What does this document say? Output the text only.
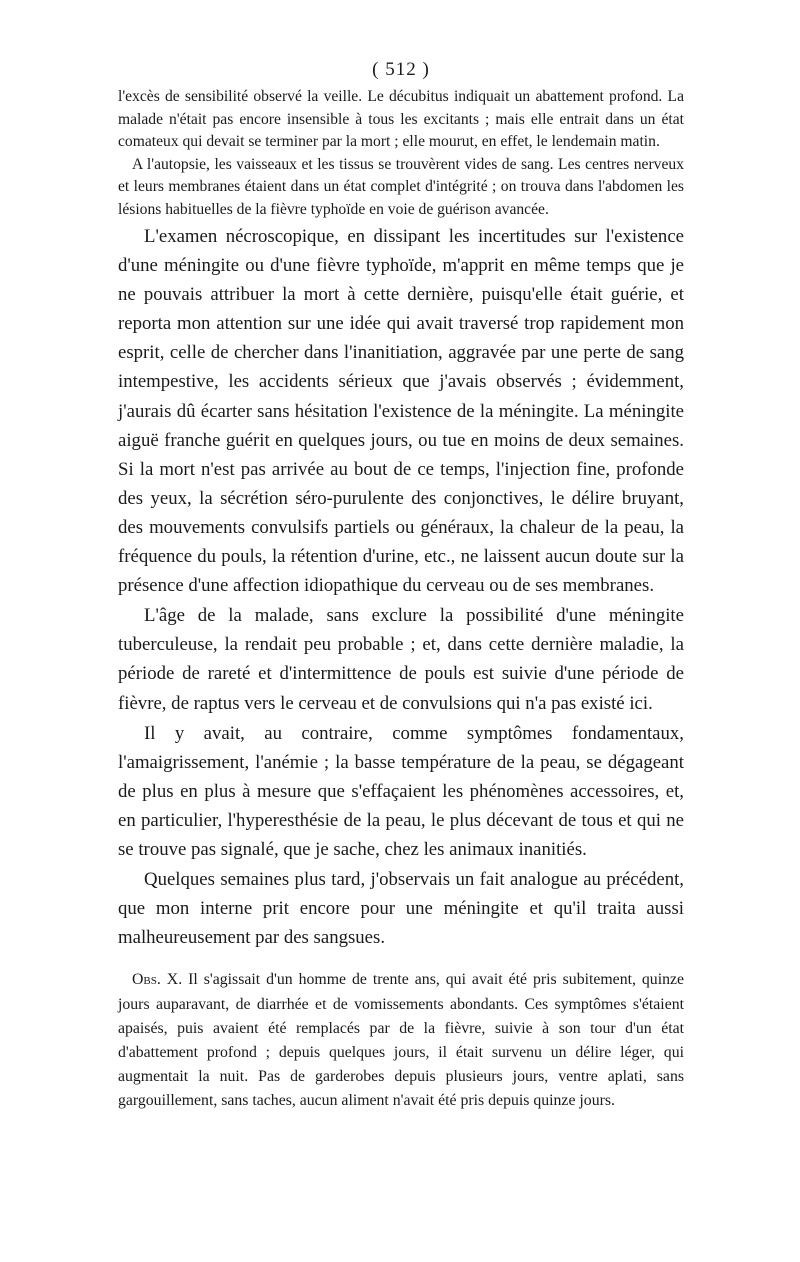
( 512 )

l'excès de sensibilité observé la veille. Le décubitus indiquait un abattement profond. La malade n'était pas encore insensible à tous les excitants ; mais elle entrait dans un état comateux qui devait se terminer par la mort ; elle mourut, en effet, le lendemain matin.

A l'autopsie, les vaisseaux et les tissus se trouvèrent vides de sang. Les centres nerveux et leurs membranes étaient dans un état complet d'intégrité ; on trouva dans l'abdomen les lésions habituelles de la fièvre typhoïde en voie de guérison avancée.

L'examen nécroscopique, en dissipant les incertitudes sur l'existence d'une méningite ou d'une fièvre typhoïde, m'apprit en même temps que je ne pouvais attribuer la mort à cette dernière, puisqu'elle était guérie, et reporta mon attention sur une idée qui avait traversé trop rapidement mon esprit, celle de chercher dans l'inanitiation, aggravée par une perte de sang intempestive, les accidents sérieux que j'avais observés ; évidemment, j'aurais dû écarter sans hésitation l'existence de la méningite. La méningite aiguë franche guérit en quelques jours, ou tue en moins de deux semaines. Si la mort n'est pas arrivée au bout de ce temps, l'injection fine, profonde des yeux, la sécrétion séro-purulente des conjonctives, le délire bruyant, des mouvements convulsifs partiels ou généraux, la chaleur de la peau, la fréquence du pouls, la rétention d'urine, etc., ne laissent aucun doute sur la présence d'une affection idiopathique du cerveau ou de ses membranes.

L'âge de la malade, sans exclure la possibilité d'une méningite tuberculeuse, la rendait peu probable ; et, dans cette dernière maladie, la période de rareté et d'intermittence de pouls est suivie d'une période de fièvre, de raptus vers le cerveau et de convulsions qui n'a pas existé ici.

Il y avait, au contraire, comme symptômes fondamentaux, l'amaigrissement, l'anémie ; la basse température de la peau, se dégageant de plus en plus à mesure que s'effaçaient les phénomènes accessoires, et, en particulier, l'hyperesthésie de la peau, le plus décevant de tous et qui ne se trouve pas signalé, que je sache, chez les animaux inanitiés.

Quelques semaines plus tard, j'observais un fait analogue au précédent, que mon interne prit encore pour une méningite et qu'il traita aussi malheureusement par des sangsues.

Obs. X. Il s'agissait d'un homme de trente ans, qui avait été pris subitement, quinze jours auparavant, de diarrhée et de vomissements abondants. Ces symptômes s'étaient apaisés, puis avaient été remplacés par de la fièvre, suivie à son tour d'un état d'abattement profond ; depuis quelques jours, il était survenu un délire léger, qui augmentait la nuit. Pas de garderobes depuis plusieurs jours, ventre aplati, sans gargouillement, sans taches, aucun aliment n'avait été pris depuis quinze jours.
